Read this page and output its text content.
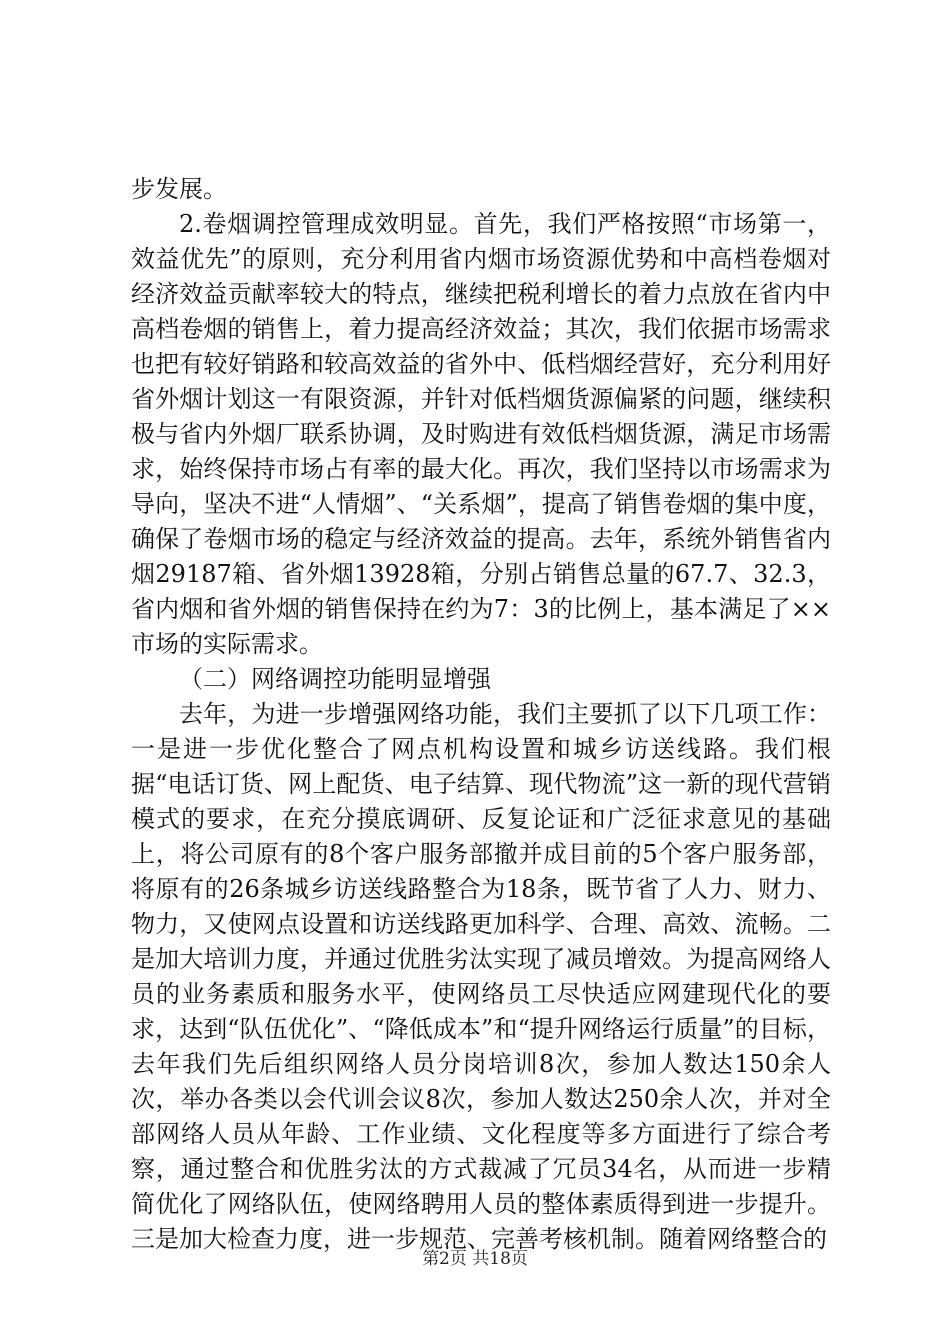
步发展。

2.卷烟调控管理成效明显。首先，我们严格按照“市场第一，效益优先”的原则，充分利用省内烟市场资源优势和中高档卷烟对经济效益贡献率较大的特点，继续把税利增长的着力点放在省内中高档卷烟的销售上，着力提高经济效益；其次，我们依据市场需求也把有较好销路和较高效益的省外中、低档烟经营好，充分利用好省外烟计划这一有限资源，并针对低档烟货源偏紧的问题，继续积极与省内外烟厂联系协调，及时购进有效低档烟货源，满足市场需求，始终保持市场占有率的最大化。再次，我们坚持以市场需求为导向，坚决不进“人情烟”、“关系烟”，提高了销售卷烟的集中度，确保了卷烟市场的稳定与经济效益的提高。去年，系统外销售省内烟29187箱、省外烟13928箱，分别占销售总量的67.7、32.3，省内烟和省外烟的销售保持在约为7：3的比例上，基本满足了××市场的实际需求。

（二）网络调控功能明显增强

去年，为进一步增强网络功能，我们主要抓了以下几项工作：一是进一步优化整合了网点机构设置和城乡访送线路。我们根据“电话订货、网上配货、电子结算、现代物流”这一新的现代营销模式的要求，在充分摸底调研、反复论证和广泛征求意见的基础上，将公司原有的8个客户服务部撤并成目前的5个客户服务部，将原有的26条城乡访送线路整合为18条，既节省了人力、财力、物力，又使网点设置和访送线路更加科学、合理、高效、流畅。二是加大培训力度，并通过优胜劣汰实现了减员增效。为提高网络人员的业务素质和服务水平，使网络员工尽快适应网建现代化的要求，达到“队伍优化”、“降低成本”和“提升网络运行质量”的目标，去年我们先后组织网络人员分岗培训8次，参加人数达150余人次，举办各类以会代训会议8次，参加人数达250余人次，并对全部网络人员从年龄、工作业绩、文化程度等多方面进行了综合考察，通过整合和优胜劣汰的方式裁减了冗员34名，从而进一步精简优化了网络队伍，使网络聘用人员的整体素质得到进一步提升。三是加大检查力度，进一步规范、完善考核机制。随着网络整合的

第2页 共18页
